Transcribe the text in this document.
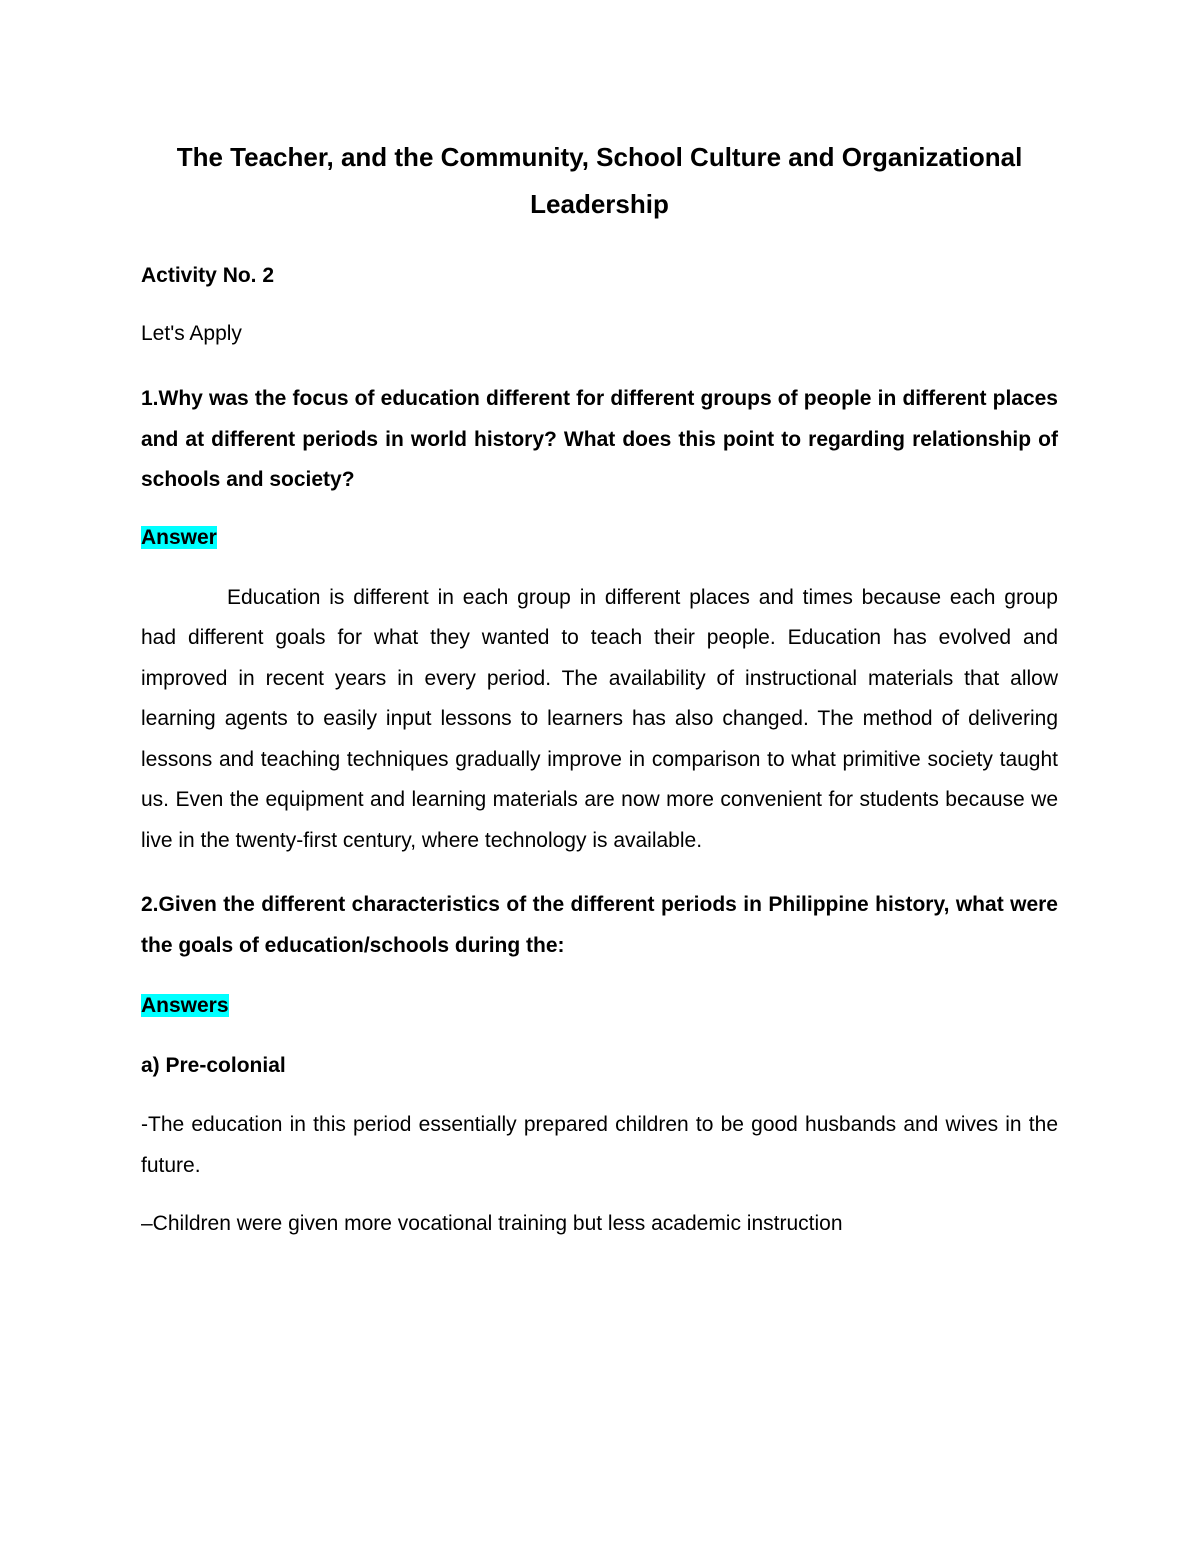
The Teacher, and the Community, School Culture and Organizational
Leadership

Activity No. 2

Let's Apply

1.Why was the focus of education different for different groups of people in different places and at different periods in world history? What does this point to regarding relationship of schools and society?

Answer

Education is different in each group in different places and times because each group had different goals for what they wanted to teach their people. Education has evolved and improved in recent years in every period. The availability of instructional materials that allow learning agents to easily input lessons to learners has also changed. The method of delivering lessons and teaching techniques gradually improve in comparison to what primitive society taught us. Even the equipment and learning materials are now more convenient for students because we live in the twenty-first century, where technology is available.

2.Given the different characteristics of the different periods in Philippine history, what were the goals of education/schools during the:

Answers

a) Pre-colonial

-The education in this period essentially prepared children to be good husbands and wives in the future.

–Children were given more vocational training but less academic instruction
